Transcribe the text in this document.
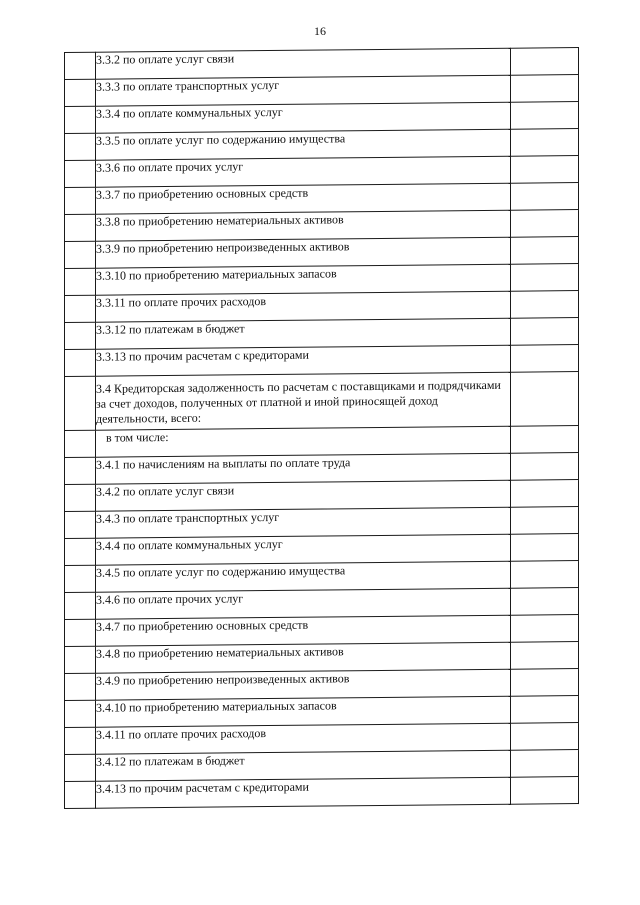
16

	3.3.2 по оплате услуг связи	

	3.3.3 по оплате транспортных услуг	

	3.3.4 по оплате коммунальных услуг	

	3.3.5 по оплате услуг по содержанию имущества	

	3.3.6 по оплате прочих услуг	

	3.3.7 по приобретению основных средств	

	3.3.8 по приобретению нематериальных активов	

	3.3.9 по приобретению непроизведенных активов	

	3.3.10 по приобретению материальных запасов	

	3.3.11 по оплате прочих расходов	

	3.3.12 по платежам в бюджет	

	3.3.13 по прочим расчетам с кредиторами	

	3.4 Кредиторская задолженность по расчетам с поставщиками и подрядчиками за счет доходов, полученных от платной и иной приносящей доход деятельности, всего:	

	в том числе:	

	3.4.1 по начислениям на выплаты по оплате труда	

	3.4.2 по оплате услуг связи	

	3.4.3 по оплате транспортных услуг	

	3.4.4 по оплате коммунальных услуг	

	3.4.5 по оплате услуг по содержанию имущества	

	3.4.6 по оплате прочих услуг	

	3.4.7 по приобретению основных средств	

	3.4.8 по приобретению нематериальных активов	

	3.4.9 по приобретению непроизведенных активов	

	3.4.10 по приобретению материальных запасов	

	3.4.11 по оплате прочих расходов	

	3.4.12 по платежам в бюджет	

	3.4.13 по прочим расчетам с кредиторами	
